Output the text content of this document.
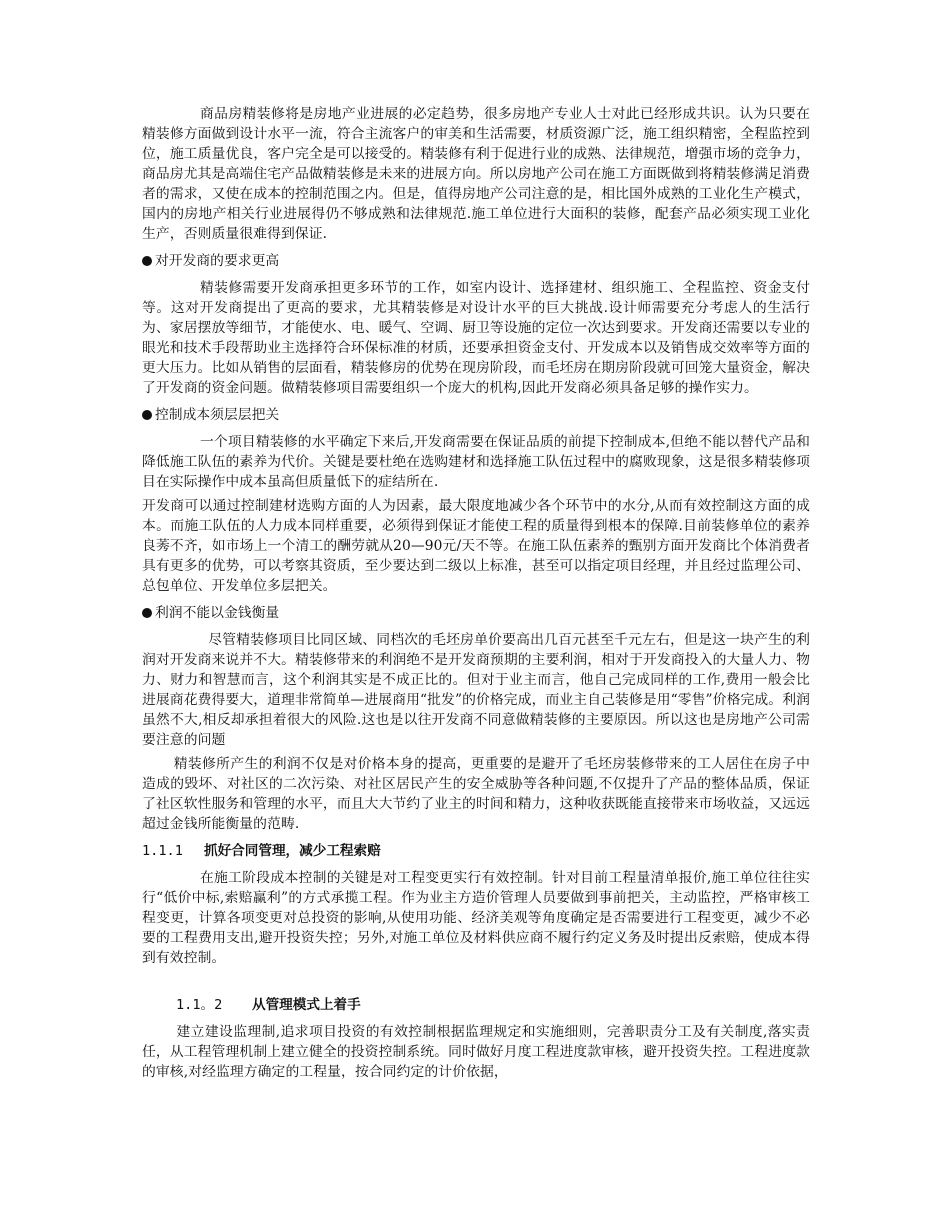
商品房精装修将是房地产业进展的必定趋势，很多房地产专业人士对此已经形成共识。认为只要在精装修方面做到设计水平一流，符合主流客户的审美和生活需要，材质资源广泛，施工组织精密，全程监控到位，施工质量优良，客户完全是可以接受的。精装修有利于促进行业的成熟、法律规范，增强市场的竞争力，商品房尤其是高端住宅产品做精装修是未来的进展方向。所以房地产公司在施工方面既做到将精装修满足消费者的需求，又使在成本的控制范围之内。但是，值得房地产公司注意的是，相比国外成熟的工业化生产模式，国内的房地产相关行业进展得仍不够成熟和法律规范.施工单位进行大面积的装修，配套产品必须实现工业化生产，否则质量很难得到保证.

对开发商的要求更高

精装修需要开发商承担更多环节的工作，如室内设计、选择建材、组织施工、全程监控、资金支付等。这对开发商提出了更高的要求，尤其精装修是对设计水平的巨大挑战.设计师需要充分考虑人的生活行为、家居摆放等细节，才能使水、电、暖气、空调、厨卫等设施的定位一次达到要求。开发商还需要以专业的眼光和技术手段帮助业主选择符合环保标准的材质，还要承担资金支付、开发成本以及销售成交效率等方面的更大压力。比如从销售的层面看，精装修房的优势在现房阶段，而毛坯房在期房阶段就可回笼大量资金，解决了开发商的资金问题。做精装修项目需要组织一个庞大的机构,因此开发商必须具备足够的操作实力。

控制成本须层层把关

一个项目精装修的水平确定下来后,开发商需要在保证品质的前提下控制成本,但绝不能以替代产品和降低施工队伍的素养为代价。关键是要杜绝在选购建材和选择施工队伍过程中的腐败现象，这是很多精装修项目在实际操作中成本虽高但质量低下的症结所在.

开发商可以通过控制建材选购方面的人为因素，最大限度地减少各个环节中的水分,从而有效控制这方面的成本。而施工队伍的人力成本同样重要，必须得到保证才能使工程的质量得到根本的保障.目前装修单位的素养良莠不齐，如市场上一个清工的酬劳就从20—90元/天不等。在施工队伍素养的甄别方面开发商比个体消费者具有更多的优势，可以考察其资质，至少要达到二级以上标准，甚至可以指定项目经理，并且经过监理公司、总包单位、开发单位多层把关。

利润不能以金钱衡量

尽管精装修项目比同区域、同档次的毛坯房单价要高出几百元甚至千元左右，但是这一块产生的利润对开发商来说并不大。精装修带来的利润绝不是开发商预期的主要利润，相对于开发商投入的大量人力、物力、财力和智慧而言，这个利润其实是不成正比的。但对于业主而言，他自己完成同样的工作,费用一般会比进展商花费得要大，道理非常简单—进展商用“批发”的价格完成，而业主自己装修是用“零售”价格完成。利润虽然不大,相反却承担着很大的风险.这也是以往开发商不同意做精装修的主要原因。所以这也是房地产公司需要注意的问题

精装修所产生的利润不仅是对价格本身的提高，更重要的是避开了毛坯房装修带来的工人居住在房子中造成的毁坏、对社区的二次污染、对社区居民产生的安全威胁等各种问题,不仅提升了产品的整体品质，保证了社区软性服务和管理的水平，而且大大节约了业主的时间和精力，这种收获既能直接带来市场收益，又远远超过金钱所能衡量的范畴.

1.1.1 抓好合同管理，减少工程索赔

在施工阶段成本控制的关键是对工程变更实行有效控制。针对目前工程量清单报价,施工单位往往实行“低价中标,索赔赢利”的方式承揽工程。作为业主方造价管理人员要做到事前把关，主动监控，严格审核工程变更，计算各项变更对总投资的影响,从使用功能、经济美观等角度确定是否需要进行工程变更，减少不必要的工程费用支出,避开投资失控；另外,对施工单位及材料供应商不履行约定义务及时提出反索赔，使成本得到有效控制。

1.1。2 从管理模式上着手

建立建设监理制,追求项目投资的有效控制根据监理规定和实施细则，完善职责分工及有关制度,落实责任，从工程管理机制上建立健全的投资控制系统。同时做好月度工程进度款审核，避开投资失控。工程进度款的审核,对经监理方确定的工程量，按合同约定的计价依据，
